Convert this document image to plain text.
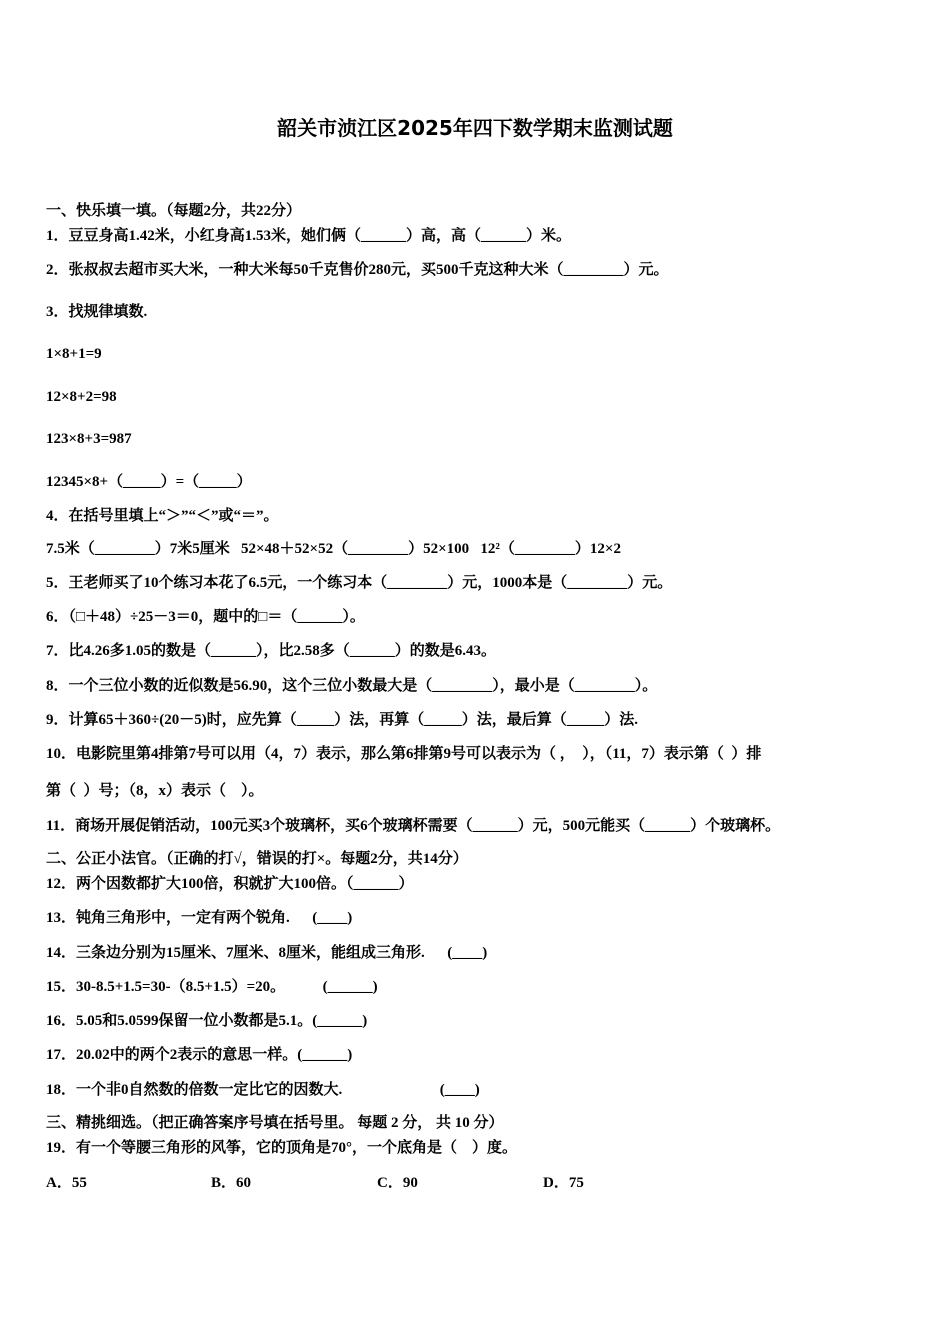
韶关市浈江区2025年四下数学期末监测试题
一、快乐填一填。（每题2分，共22分）
1．豆豆身高1.42米，小红身高1.53米，她们俩（______）高，高（______）米。
2．张叔叔去超市买大米，一种大米每50千克售价280元，买500千克这种大米（________）元。
3．找规律填数.
1×8+1=9
12×8+2=98
123×8+3=987
12345×8+（_____）=（_____）
4．在括号里填上“＞”“＜”或“＝”。
7.5米（________）7米5厘米   52×48＋52×52（________）52×100   12²（________）12×2
5．王老师买了10个练习本花了6.5元，一个练习本（________）元，1000本是（________）元。
6．（□＋48）÷25－3＝0，题中的□＝（______）。
7．比4.26多1.05的数是（______），比2.58多（______）的数是6.43。
8．一个三位小数的近似数是56.90，这个三位小数最大是（________），最小是（________）。
9．计算65＋360÷(20－5)时，应先算（_____）法，再算（_____）法，最后算（_____）法.
10．电影院里第4排第7号可以用（4，7）表示，那么第6排第9号可以表示为（ ，  ），（11，7）表示第（  ）排
第（  ）号；（8，x）表示（    ）。
11．商场开展促销活动，100元买3个玻璃杯，买6个玻璃杯需要（______）元，500元能买（______）个玻璃杯。
二、公正小法官。（正确的打√，错误的打×。每题2分，共14分）
12．两个因数都扩大100倍，积就扩大100倍。（______）
13．钝角三角形中，一定有两个锐角.      (____)
14．三条边分别为15厘米、7厘米、8厘米，能组成三角形.      (____)
15．30-8.5+1.5=30-（8.5+1.5）=20。          (______)
16．5.05和5.0599保留一位小数都是5.1。(______)
17．20.02中的两个2表示的意思一样。(______)
18．一个非0自然数的倍数一定比它的因数大.                          (____)
三、精挑细选。（把正确答案序号填在括号里。 每题 2 分， 共 10 分）
19．有一个等腰三角形的风筝，它的顶角是70°，一个底角是（    ）度。
A．55	B．60	C．90	D．75
